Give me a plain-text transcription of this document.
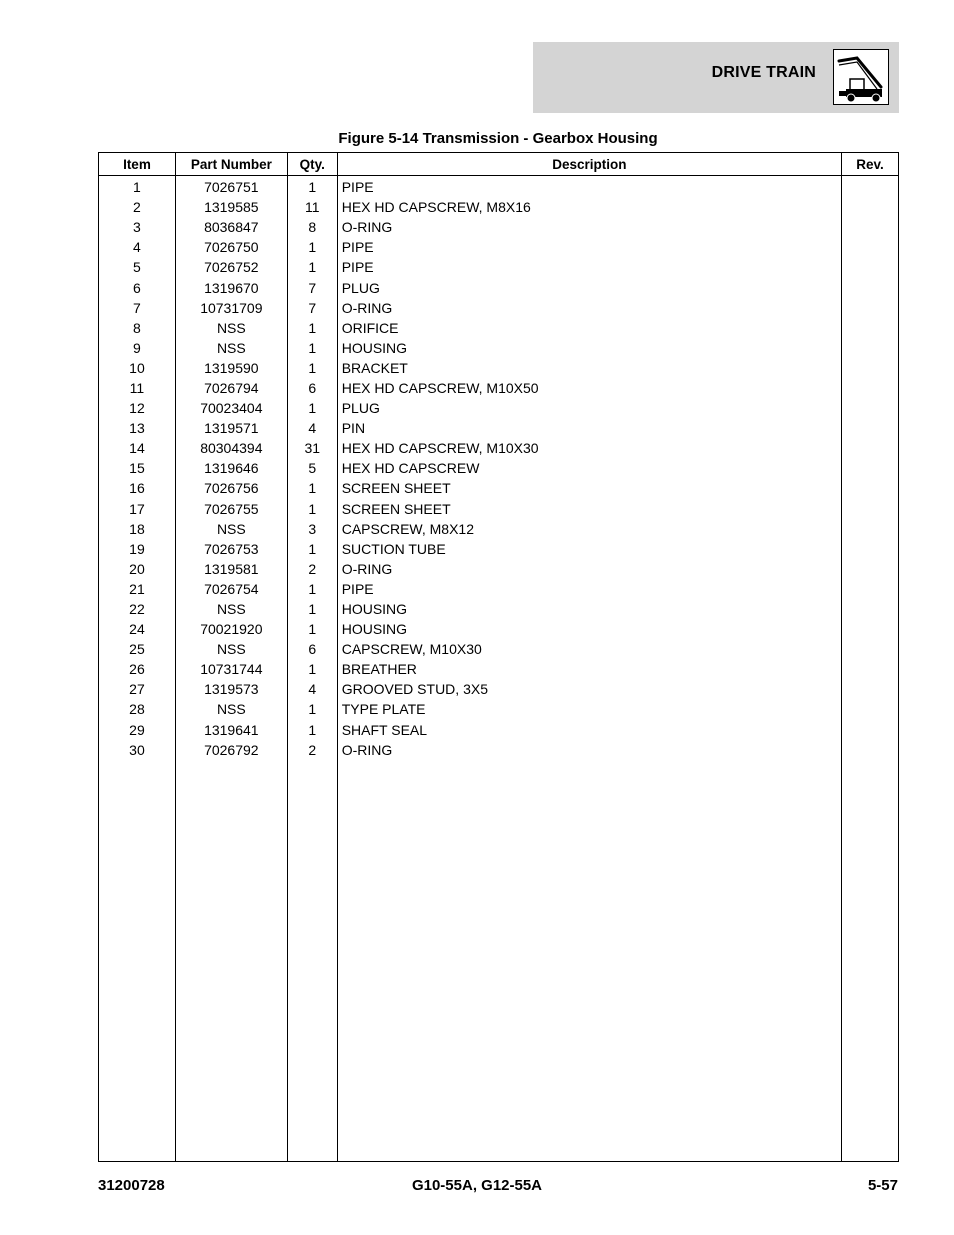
DRIVE TRAIN
Figure 5-14 Transmission - Gearbox Housing
Item	Part Number	Qty.	Description	Rev.
1	7026751	1	PIPE	
2	1319585	11	HEX HD CAPSCREW, M8X16	
3	8036847	8	O-RING	
4	7026750	1	PIPE	
5	7026752	1	PIPE	
6	1319670	7	PLUG	
7	10731709	7	O-RING	
8	NSS	1	ORIFICE	
9	NSS	1	HOUSING	
10	1319590	1	BRACKET	
11	7026794	6	HEX HD CAPSCREW, M10X50	
12	70023404	1	PLUG	
13	1319571	4	PIN	
14	80304394	31	HEX HD CAPSCREW, M10X30	
15	1319646	5	HEX HD CAPSCREW	
16	7026756	1	SCREEN SHEET	
17	7026755	1	SCREEN SHEET	
18	NSS	3	CAPSCREW, M8X12	
19	7026753	1	SUCTION TUBE	
20	1319581	2	O-RING	
21	7026754	1	PIPE	
22	NSS	1	HOUSING	
24	70021920	1	HOUSING	
25	NSS	6	CAPSCREW, M10X30	
26	10731744	1	BREATHER	
27	1319573	4	GROOVED STUD, 3X5	
28	NSS	1	TYPE PLATE	
29	1319641	1	SHAFT SEAL	
30	7026792	2	O-RING	

31200728	G10-55A, G12-55A	5-57
